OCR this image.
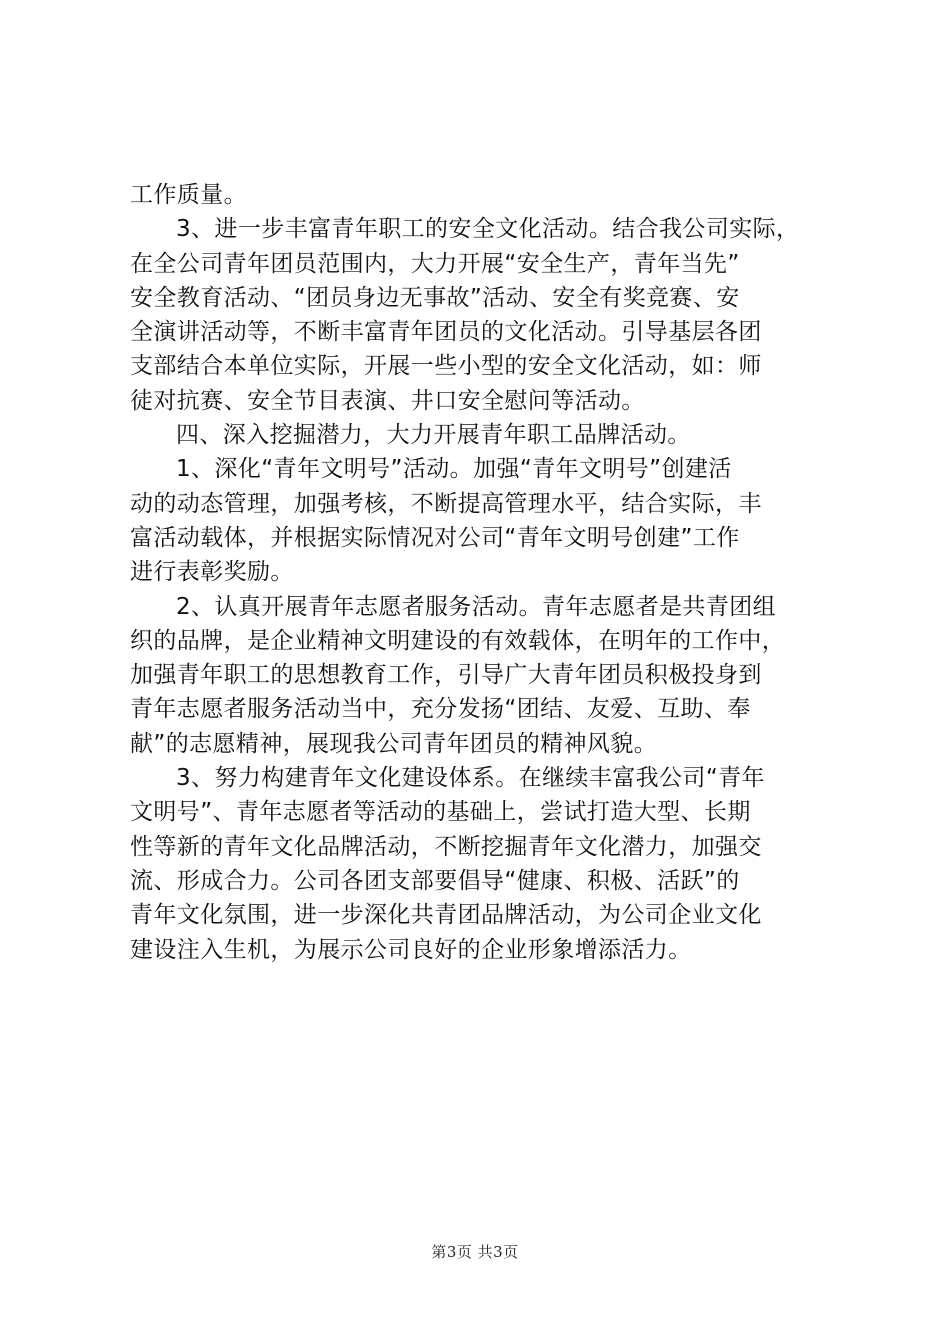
工作质量。
3、进一步丰富青年职工的安全文化活动。结合我公司实际，
在全公司青年团员范围内，大力开展“安全生产，青年当先”
安全教育活动、“团员身边无事故”活动、安全有奖竞赛、安
全演讲活动等，不断丰富青年团员的文化活动。引导基层各团
支部结合本单位实际，开展一些小型的安全文化活动，如：师
徒对抗赛、安全节目表演、井口安全慰问等活动。
四、深入挖掘潜力，大力开展青年职工品牌活动。
1、深化“青年文明号”活动。加强“青年文明号”创建活
动的动态管理，加强考核，不断提高管理水平，结合实际，丰
富活动载体，并根据实际情况对公司“青年文明号创建”工作
进行表彰奖励。
2、认真开展青年志愿者服务活动。青年志愿者是共青团组
织的品牌，是企业精神文明建设的有效载体，在明年的工作中，
加强青年职工的思想教育工作，引导广大青年团员积极投身到
青年志愿者服务活动当中，充分发扬“团结、友爱、互助、奉
献”的志愿精神，展现我公司青年团员的精神风貌。
3、努力构建青年文化建设体系。在继续丰富我公司“青年
文明号”、青年志愿者等活动的基础上，尝试打造大型、长期
性等新的青年文化品牌活动，不断挖掘青年文化潜力，加强交
流、形成合力。公司各团支部要倡导“健康、积极、活跃”的
青年文化氛围，进一步深化共青团品牌活动，为公司企业文化
建设注入生机，为展示公司良好的企业形象增添活力。
第3页 共3页
